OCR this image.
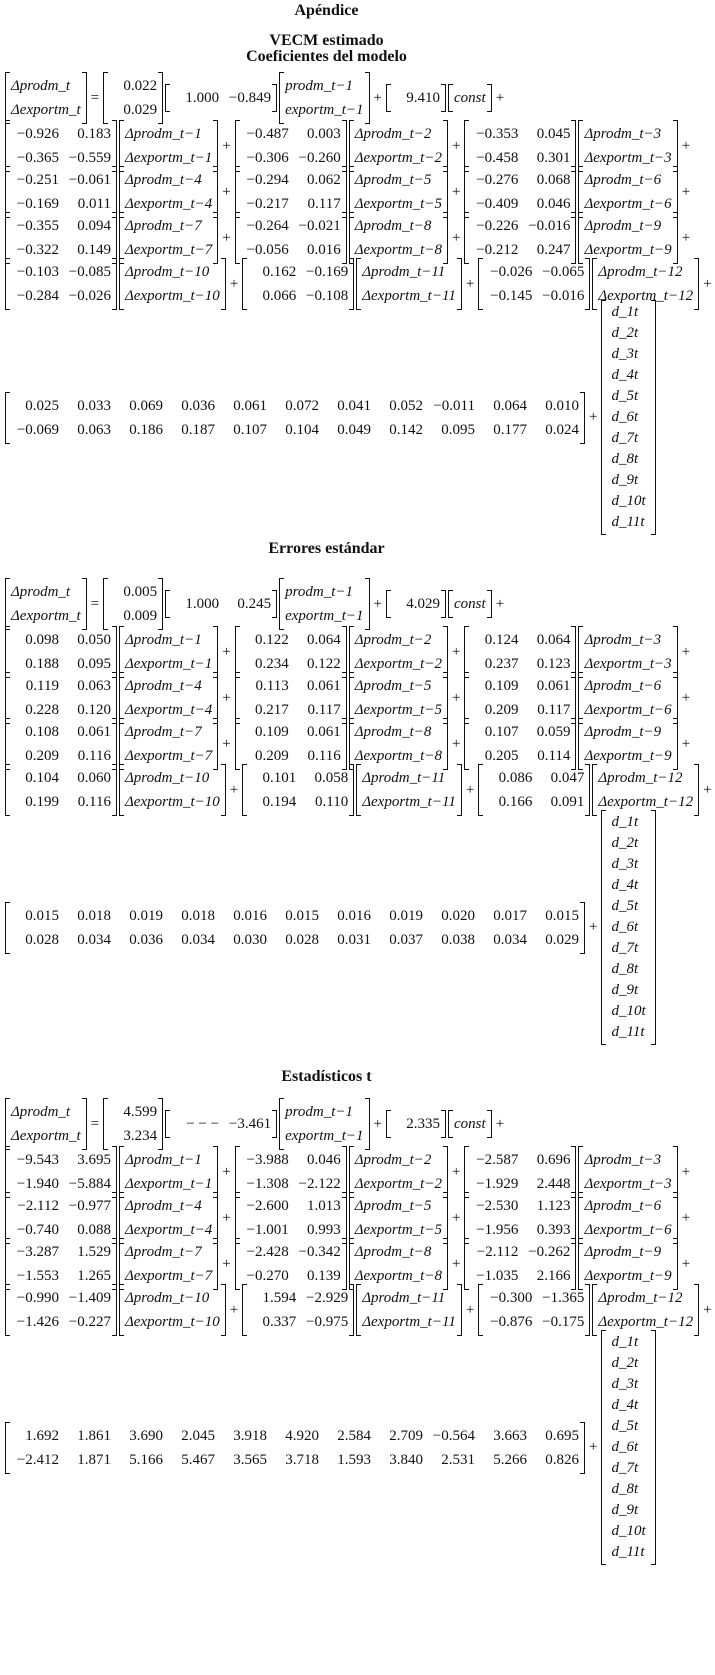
Apéndice
VECM estimado
Coeficientes del modelo
Δprodm_t
Δexportm_t
=
0.022
0.029
1.000 −0.849
prodm_t−1
exportm_t−1
+	9.410 const +
−0.926	0.183
−0.365 −0.559
Δprodm_t−1
Δexportm_t−1
+
−0.487	0.003
−0.306 −0.260
Δprodm_t−2
Δexportm_t−2
+
−0.353	0.045
−0.458	0.301
Δprodm_t−3
Δexportm_t−3
+
−0.251 −0.061
−0.169	0.011
Δprodm_t−4
Δexportm_t−4
+
−0.294	0.062
−0.217	0.117
Δprodm_t−5
Δexportm_t−5
+
−0.276	0.068
−0.409	0.046
Δprodm_t−6
Δexportm_t−6
+
−0.355	0.094
−0.322	0.149
Δprodm_t−7
Δexportm_t−7
+
−0.264 −0.021
−0.056	0.016
Δprodm_t−8
Δexportm_t−8
+
−0.226 −0.016
−0.212	0.247
Δprodm_t−9
Δexportm_t−9
+
−0.103 −0.085
−0.284 −0.026
Δprodm_t−10
Δexportm_t−10
+
0.162 −0.169
0.066 −0.108
Δprodm_t−11
Δexportm_t−11
+
−0.026 −0.065
−0.145 −0.016
Δprodm_t−12
Δexportm_t−12
+
0.025	0.033	0.069	0.036	0.061	0.072	0.041	0.052 −0.011	0.064	0.010
−0.069	0.063	0.186	0.187	0.107	0.104	0.049	0.142	0.095	0.177	0.024
+
d_1t
d_2t
d_3t
d_4t
d_5t
d_6t
d_7t
d_8t
d_9t
d_10t
d_11t
Errores estándar
Δprodm_t
Δexportm_t
=
0.005
0.009
1.000	0.245
prodm_t−1
exportm_t−1
+	4.029 const +
0.098	0.050
0.188	0.095
Δprodm_t−1
Δexportm_t−1
+
0.122	0.064
0.234	0.122
Δprodm_t−2
Δexportm_t−2
+
0.124	0.064
0.237	0.123
Δprodm_t−3
Δexportm_t−3
+
0.119	0.063
0.228	0.120
Δprodm_t−4
Δexportm_t−4
+
0.113	0.061
0.217	0.117
Δprodm_t−5
Δexportm_t−5
+
0.109	0.061
0.209	0.117
Δprodm_t−6
Δexportm_t−6
+
0.108	0.061
0.209	0.116
Δprodm_t−7
Δexportm_t−7
+
0.109	0.061
0.209	0.116
Δprodm_t−8
Δexportm_t−8
+
0.107	0.059
0.205	0.114
Δprodm_t−9
Δexportm_t−9
+
0.104	0.060
0.199	0.116
Δprodm_t−10
Δexportm_t−10
+
0.101	0.058
0.194	0.110
Δprodm_t−11
Δexportm_t−11
+
0.086	0.047
0.166	0.091
Δprodm_t−12
Δexportm_t−12
+
0.015	0.018	0.019	0.018	0.016	0.015	0.016	0.019	0.020	0.017	0.015
0.028	0.034	0.036	0.034	0.030	0.028	0.031	0.037	0.038	0.034	0.029
+
d_1t
d_2t
d_3t
d_4t
d_5t
d_6t
d_7t
d_8t
d_9t
d_10t
d_11t
Estadísticos t
Δprodm_t
Δexportm_t
=
4.599
3.234
− − − −3.461
prodm_t−1
exportm_t−1
+	2.335 const +
−9.543	3.695
−1.940 −5.884
Δprodm_t−1
Δexportm_t−1
+
−3.988	0.046
−1.308 −2.122
Δprodm_t−2
Δexportm_t−2
+
−2.587	0.696
−1.929	2.448
Δprodm_t−3
Δexportm_t−3
+
−2.112 −0.977
−0.740	0.088
Δprodm_t−4
Δexportm_t−4
+
−2.600	1.013
−1.001	0.993
Δprodm_t−5
Δexportm_t−5
+
−2.530	1.123
−1.956	0.393
Δprodm_t−6
Δexportm_t−6
+
−3.287	1.529
−1.553	1.265
Δprodm_t−7
Δexportm_t−7
+
−2.428 −0.342
−0.270	0.139
Δprodm_t−8
Δexportm_t−8
+
−2.112 −0.262
−1.035	2.166
Δprodm_t−9
Δexportm_t−9
+
−0.990 −1.409
−1.426 −0.227
Δprodm_t−10
Δexportm_t−10
+
1.594 −2.929
0.337 −0.975
Δprodm_t−11
Δexportm_t−11
+
−0.300 −1.365
−0.876 −0.175
Δprodm_t−12
Δexportm_t−12
+
1.692	1.861	3.690	2.045	3.918	4.920	2.584	2.709 −0.564	3.663	0.695
−2.412	1.871	5.166	5.467	3.565	3.718	1.593	3.840	2.531	5.266	0.826
+
d_1t
d_2t
d_3t
d_4t
d_5t
d_6t
d_7t
d_8t
d_9t
d_10t
d_11t
